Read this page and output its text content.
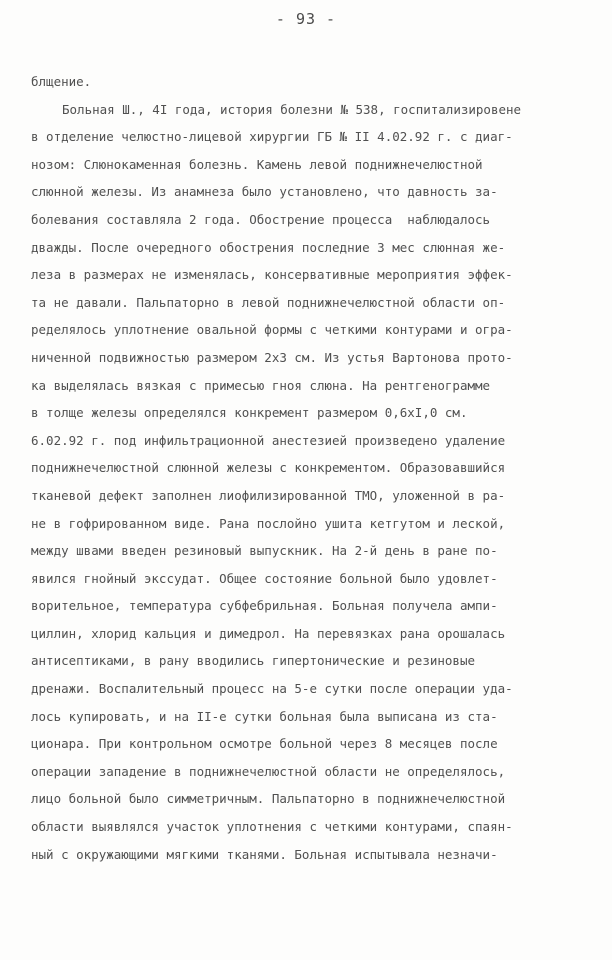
- 93 -
блщение.
Больная Ш., 4I года, история болезни № 538, госпитализировене
в отделение челюстно-лицевой хирургии ГБ № II 4.02.92 г. с диаг-
нозом: Слюнокаменная болезнь. Камень левой поднижнечелюстной
слюнной железы. Из анамнеза было установлено, что давность за-
болевания составляла 2 года. Обострение процесса  наблюдалось
дважды. После очередного обострения последние 3 мес слюнная же-
леза в размерах не изменялась, консервативные мероприятия эффек-
та не давали. Пальпаторно в левой поднижнечелюстной области оп-
ределялось уплотнение овальной формы с четкими контурами и огра-
ниченной подвижностью размером 2х3 см. Из устья Вартонова прото-
ка выделялась вязкая с примесью гноя слюна. На рентгенограмме
в толще железы определялся конкремент размером 0,6хI,0 см.
6.02.92 г. под инфильтрационной анестезией произведено удаление
поднижнечелюстной слюнной железы с конкрементом. Образовавшийся
тканевой дефект заполнен лиофилизированной ТМО, уложенной в ра-
не в гофрированном виде. Рана послойно ушита кетгутом и леской,
между швами введен резиновый выпускник. На 2-й день в ране по-
явился гнойный экссудат. Общее состояние больной было удовлет-
ворительное, температура субфебрильная. Больная получела ампи-
циллин, хлорид кальция и димедрол. На перевязках рана орошалась
антисептиками, в рану вводились гипертонические и резиновые
дренажи. Воспалительный процесс на 5-е сутки после операции уда-
лось купировать, и на II-е сутки больная была выписана из ста-
ционара. При контрольном осмотре больной через 8 месяцев после
операции западение в поднижнечелюстной области не определялось,
лицо больной было симметричным. Пальпаторно в поднижнечелюстной
области выявлялся участок уплотнения с четкими контурами, спаян-
ный с окружающими мягкими тканями. Больная испытывала незначи-
